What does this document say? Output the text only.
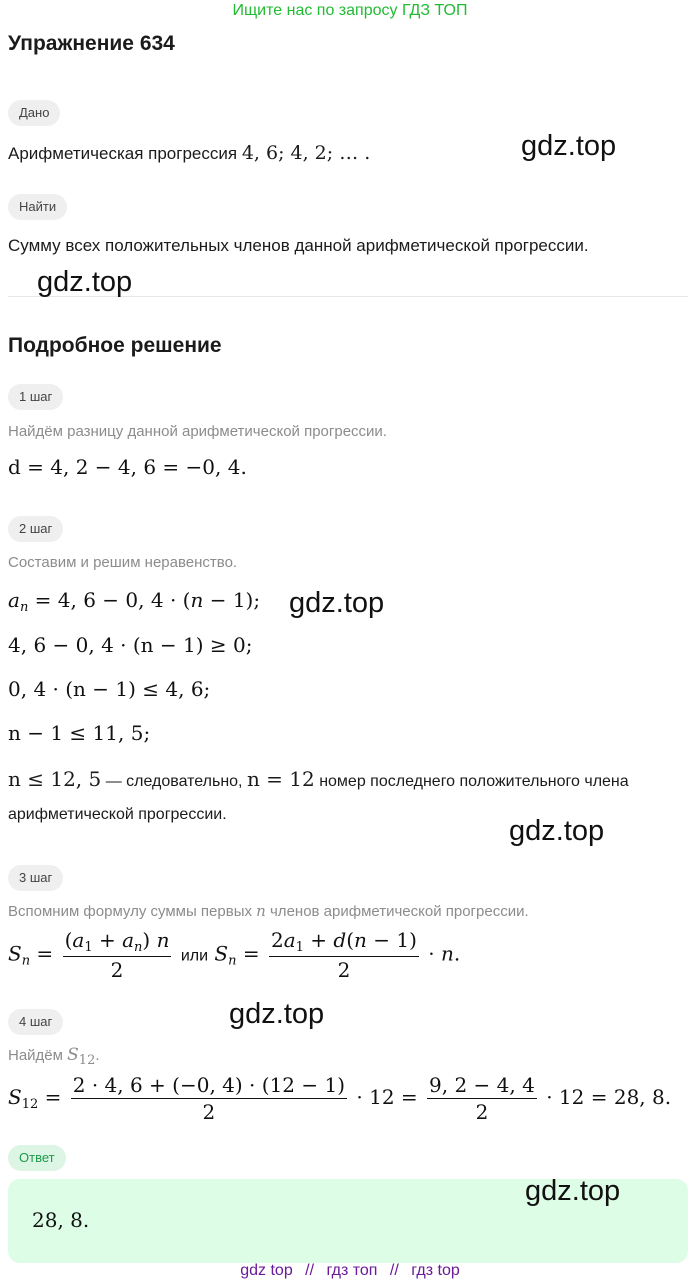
Ищите нас по запросу ГДЗ ТОП
Упражнение 634
Дано
Арифметическая прогрессия 4, 6; 4, 2; … .
Найти
Сумму всех положительных членов данной арифметической прогрессии.
Подробное решение
1 шаг
Найдём разницу данной арифметической прогрессии.
d = 4, 2 − 4, 6 = −0, 4.
2 шаг
Составим и решим неравенство.
$a_n = 4$, 6 − 0, 4 · (n − 1);
4, 6 − 0, 4 · (n − 1) ≥ 0;
0, 4 · (n − 1) ≤ 4, 6;
n − 1 ≤ 11, 5;
n ≤ 12, 5 — следовательно, n = 12 номер последнего положительного члена
арифметической прогрессии.
3 шаг
Вспомним формулу суммы первых n членов арифметической прогрессии.
$S_n = \frac{(a_1 + a_n) n}{2}$ или $S_n = \frac{2a_1 + d(n - 1)}{2} \cdot n$.
4 шаг
Найдём $S_{12}$.
$S_{12} = \frac{2 \cdot 4, 6 + (-0, 4) \cdot (12 - 1)}{2} \cdot 12 = \frac{9, 2 - 4, 4}{2} \cdot 12 = 28$, 8.
Ответ
28, 8.
gdz.top
gdz.top
gdz.top
gdz.top
gdz.top
gdz.top
gdz top // гдз топ // гдз top
